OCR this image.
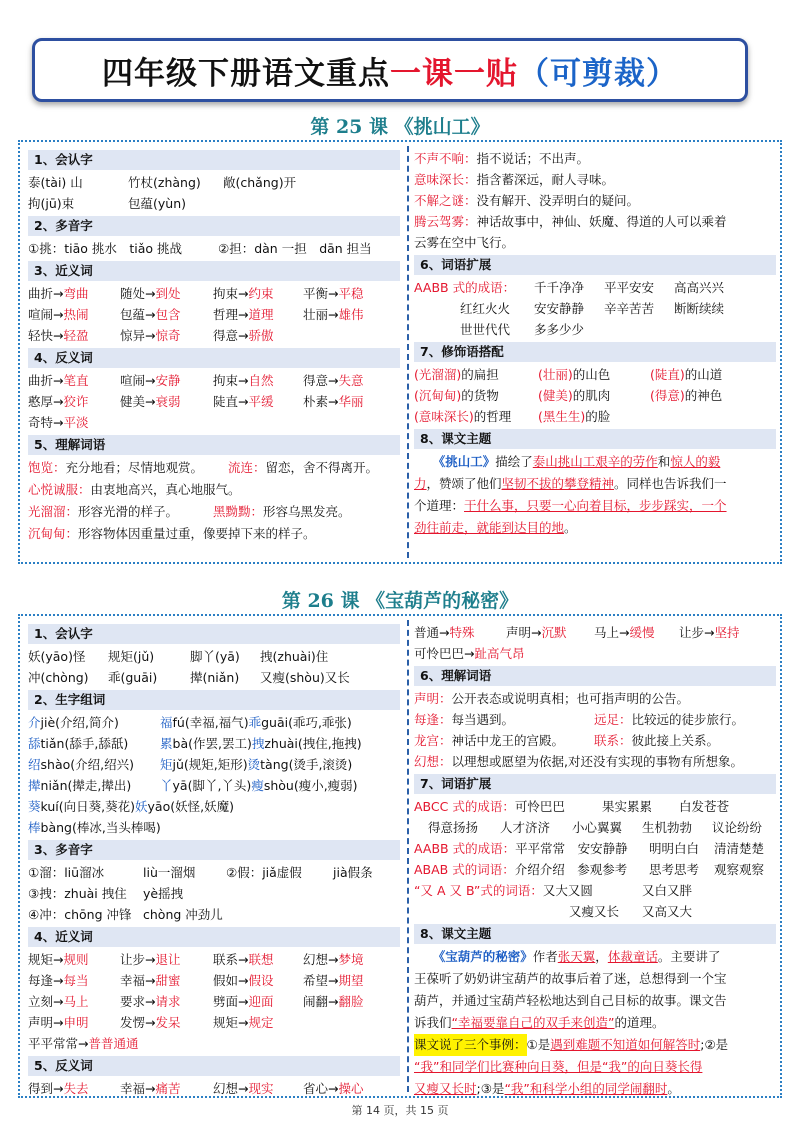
四年级下册语文重点 一课一贴 （可剪裁）
第 25 课 《挑山工》
1、会认字
泰(tài) 山	竹杖(zhàng) 敞(chǎng)开
拘(jū)束	包蕴(yùn)
2、多音字
①挑：tiāo 挑水　tiǎo 挑战	②担：dàn 一担　dān 担当
3、近义词
曲折→弯曲	随处→到处	拘束→约束 平衡→平稳
喧闹→热闹	包蕴→包含	哲理→道理 壮丽→雄伟
轻快→轻盈	惊异→惊奇	得意→骄傲
4、反义词
曲折→笔直	喧闹→安静	拘束→自然 得意→失意
憨厚→狡诈	健美→衰弱	陡直→平缓 朴素→华丽
奇特→平淡
5、理解词语
饱览：充分地看；尽情地观赏。 流连：留恋，舍不得离开。
心悦诚服：由衷地高兴，真心地服气。
光溜溜：形容光滑的样子。	黑黝黝：形容乌黑发亮。
沉甸甸：形容物体因重量过重，像要掉下来的样子。
不声不响：指不说话；不出声。
意味深长：指含蓄深远，耐人寻味。
不解之谜：没有解开、没弄明白的疑问。
腾云驾雾：神话故事中，神仙、妖魔、得道的人可以乘着
云雾在空中飞行。
6、词语扩展
AABB 式的成语： 千千净净 平平安安 高高兴兴
红红火火 安安静静 辛辛苦苦 断断续续
世世代代 多多少少
7、修饰语搭配
(光溜溜)的扁担	(壮丽)的山色	(陡直)的山道
(沉甸甸)的货物	(健美)的肌肉	(得意)的神色
(意味深长)的哲理 (黑生生)的脸
8、课文主题
　　《挑山工》描绘了泰山挑山工艰辛的劳作和惊人的毅
力，赞颂了他们坚韧不拔的攀登精神。同样也告诉我们一
个道理：干什么事，只要一心向着目标，步步踩实，一个
劲往前走，就能到达目的地。
第 26 课 《宝葫芦的秘密》
1、会认字
妖(yāo)怪 规矩(jǔ)	脚丫(yā) 拽(zhuài)住
冲(chòng) 乖(guāi)	撵(niǎn) 又瘦(shòu)又长
2、生字组词
介jiè(介绍,简介)	福fú(幸福,福气)乖guāi(乖巧,乖张)
舔tiǎn(舔手,舔舐)	累bà(作罢,罢工)拽zhuài(拽住,拖拽)
绍shào(介绍,绍兴) 矩jǔ(规矩,矩形)烫tàng(烫手,滚烫)
撵niǎn(撵走,撵出) 丫yā(脚丫,丫头)瘦shòu(瘦小,瘦弱)
葵kuí(向日葵,葵花)妖yāo(妖怪,妖魔)
棒bàng(棒冰,当头棒喝)
3、多音字
①溜：liū溜冰	liù一溜烟 ②假：jiǎ虚假 jià假条
③拽：zhuài 拽住 yè摇拽
④冲：chōng 冲锋 chòng 冲劲儿
4、近义词
规矩→规则	让步→退让	联系→联想 幻想→梦境
每逢→每当	幸福→甜蜜	假如→假设 希望→期望
立刻→马上	要求→请求	劈面→迎面 闹翻→翻脸
声明→申明	发愣→发呆	规矩→规定
平平常常→普普通通
5、反义词
得到→失去	幸福→痛苦	幻想→现实 省心→操心
普通→特殊	声明→沉默 马上→缓慢 让步→坚持
可怜巴巴→趾高气昂
6、理解词语
声明：公开表态或说明真相；也可指声明的公告。
每逢：每当遇到。	远足：比较远的徒步旅行。
龙宫：神话中龙王的宫殿。 联系：彼此接上关系。
幻想：以理想或愿望为依据,对还没有实现的事物有所想象。
7、词语扩展
ABCC 式的成语：可怜巴巴	果实累累 白发苍苍
得意扬扬 人才济济 小心翼翼 生机勃勃 议论纷纷
AABB 式的成语：平平常常　安安静静 明明白白 清清楚楚
ABAB 式的词语：介绍介绍　参观参考 思考思考 观察观察
“又 A 又 B”式的词语：又大又圆	又白又胖
又瘦又长 又高又大
8、课文主题
　　《宝葫芦的秘密》作者张天翼，体裁童话。主要讲了
王葆听了奶奶讲宝葫芦的故事后着了迷，总想得到一个宝
葫芦，并通过宝葫芦轻松地达到自己目标的故事。课文告
诉我们“幸福要靠自己的双手来创造”的道理。
课文说了三个事例：①是遇到难题不知道如何解答时;②是
“我”和同学们比赛种向日葵，但是“我”的向日葵长得
又瘦又长时;③是“我”和科学小组的同学闹翻时。
第 14 页，共 15 页
